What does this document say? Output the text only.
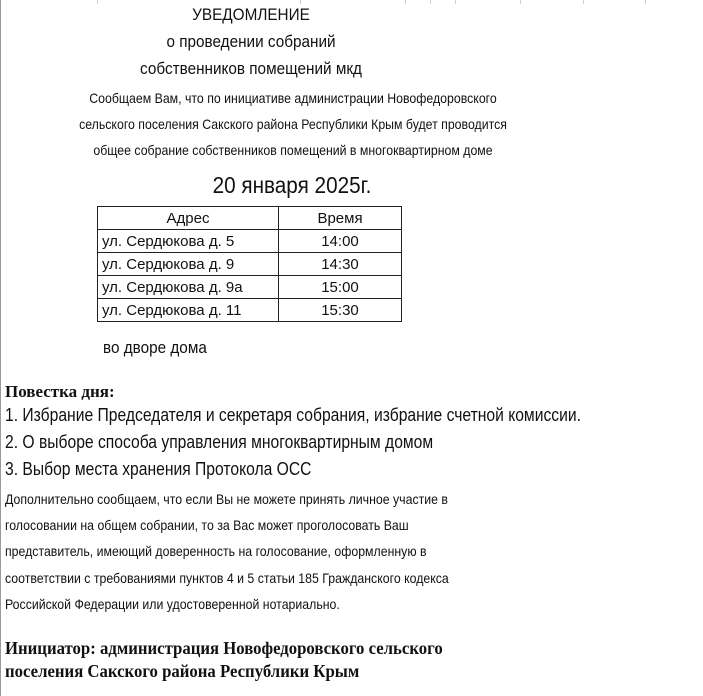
УВЕДОМЛЕНИЕ
о проведении собраний
собственников помещений мкд
Сообщаем Вам, что по инициативе администрации Новофедоровского
сельского поселения Сакского района Республики Крым будет проводится
общее собрание собственников помещений в многоквартирном доме
20 января 2025г.
Адрес	Время
ул. Сердюкова д. 5	14:00
ул. Сердюкова д. 9	14:30
ул. Сердюкова д. 9а	15:00
ул. Сердюкова д. 11	15:30
во дворе дома
Повестка дня:
1. Избрание Председателя и секретаря собрания, избрание счетной комиссии.
2. О выборе способа управления многоквартирным домом
3. Выбор места хранения Протокола ОСС
Дополнительно сообщаем, что если Вы не можете принять личное участие в
голосовании на общем собрании, то за Вас может проголосовать Ваш
представитель, имеющий доверенность на голосование, оформленную в
соответствии с требованиями пунктов 4 и 5 статьи 185 Гражданского кодекса
Российской Федерации или удостоверенной нотариально.
Инициатор: администрация Новофедоровского сельского
поселения Сакского района Республики Крым
